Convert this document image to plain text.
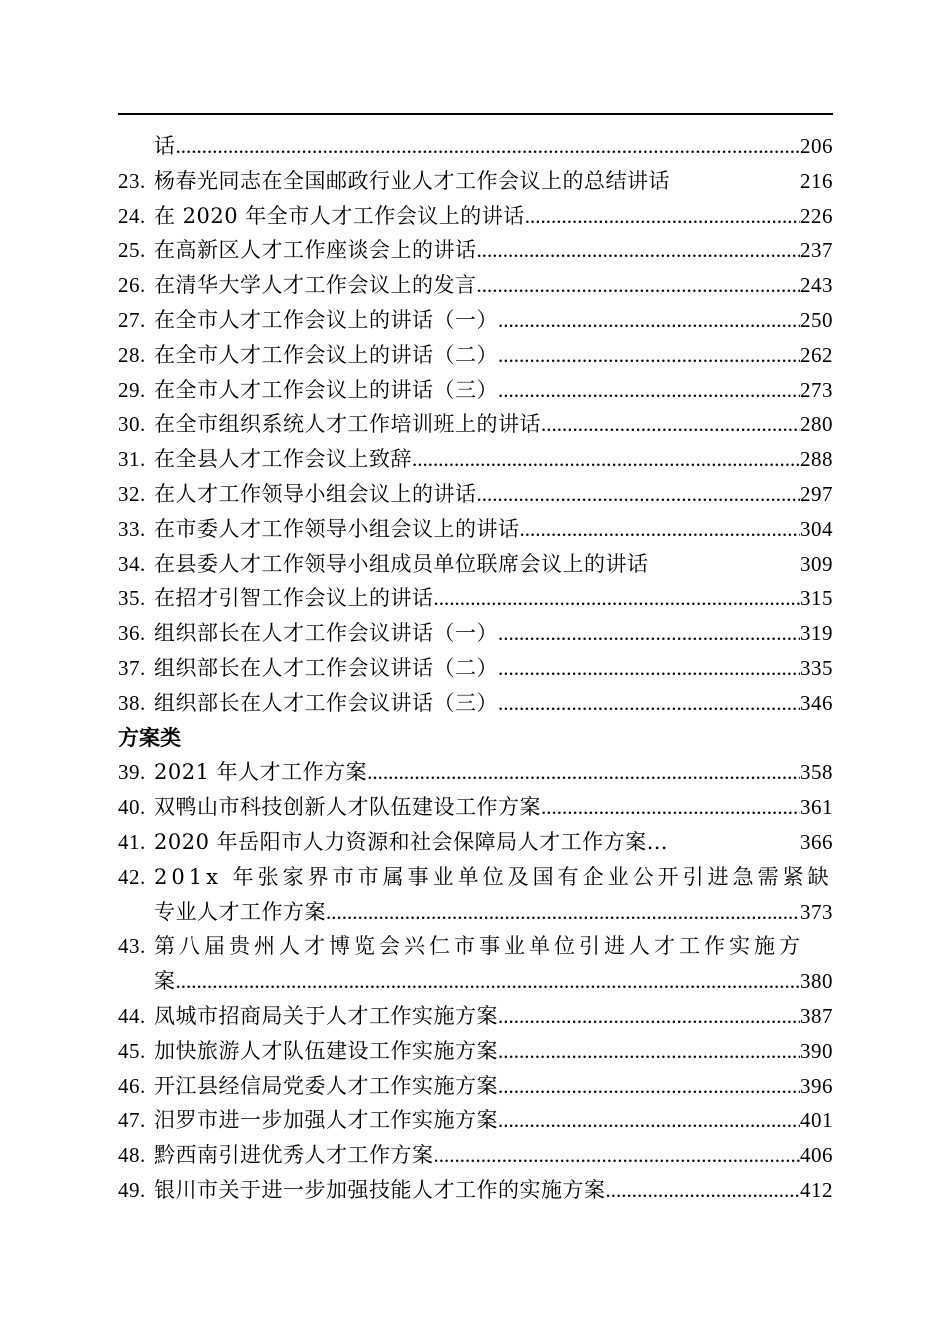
话 .....	206
23. 杨春光同志在全国邮政行业人才工作会议上的总结讲话	216
24. 在 2020 年全市人才工作会议上的讲话 .....	226
25. 在高新区人才工作座谈会上的讲话 .....	237
26. 在清华大学人才工作会议上的发言 .....	243
27. 在全市人才工作会议上的讲话（一） .....	250
28. 在全市人才工作会议上的讲话（二） .....	262
29. 在全市人才工作会议上的讲话（三） .....	273
30. 在全市组织系统人才工作培训班上的讲话 .....	280
31. 在全县人才工作会议上致辞 .....	288
32. 在人才工作领导小组会议上的讲话 .....	297
33. 在市委人才工作领导小组会议上的讲话 .....	304
34. 在县委人才工作领导小组成员单位联席会议上的讲话	309
35. 在招才引智工作会议上的讲话 .....	315
36. 组织部长在人才工作会议讲话（一） .....	319
37. 组织部长在人才工作会议讲话（二） .....	335
38. 组织部长在人才工作会议讲话（三） .....	346
方案类
39. 2021 年人才工作方案 .....	358
40. 双鸭山市科技创新人才队伍建设工作方案 .....	361
41. 2020 年岳阳市人力资源和社会保障局人才工作方案 …	366
42. 201x 年张家界市市属事业单位及国有企业公开引进急需紧缺
专业人才工作方案 .....	373
43. 第八届贵州人才博览会兴仁市事业单位引进人才工作实施方
案 .....	380
44. 凤城市招商局关于人才工作实施方案 .....	387
45. 加快旅游人才队伍建设工作实施方案 .....	390
46. 开江县经信局党委人才工作实施方案 .....	396
47. 汨罗市进一步加强人才工作实施方案 .....	401
48. 黔西南引进优秀人才工作方案 .....	406
49. 银川市关于进一步加强技能人才工作的实施方案 .....	412
